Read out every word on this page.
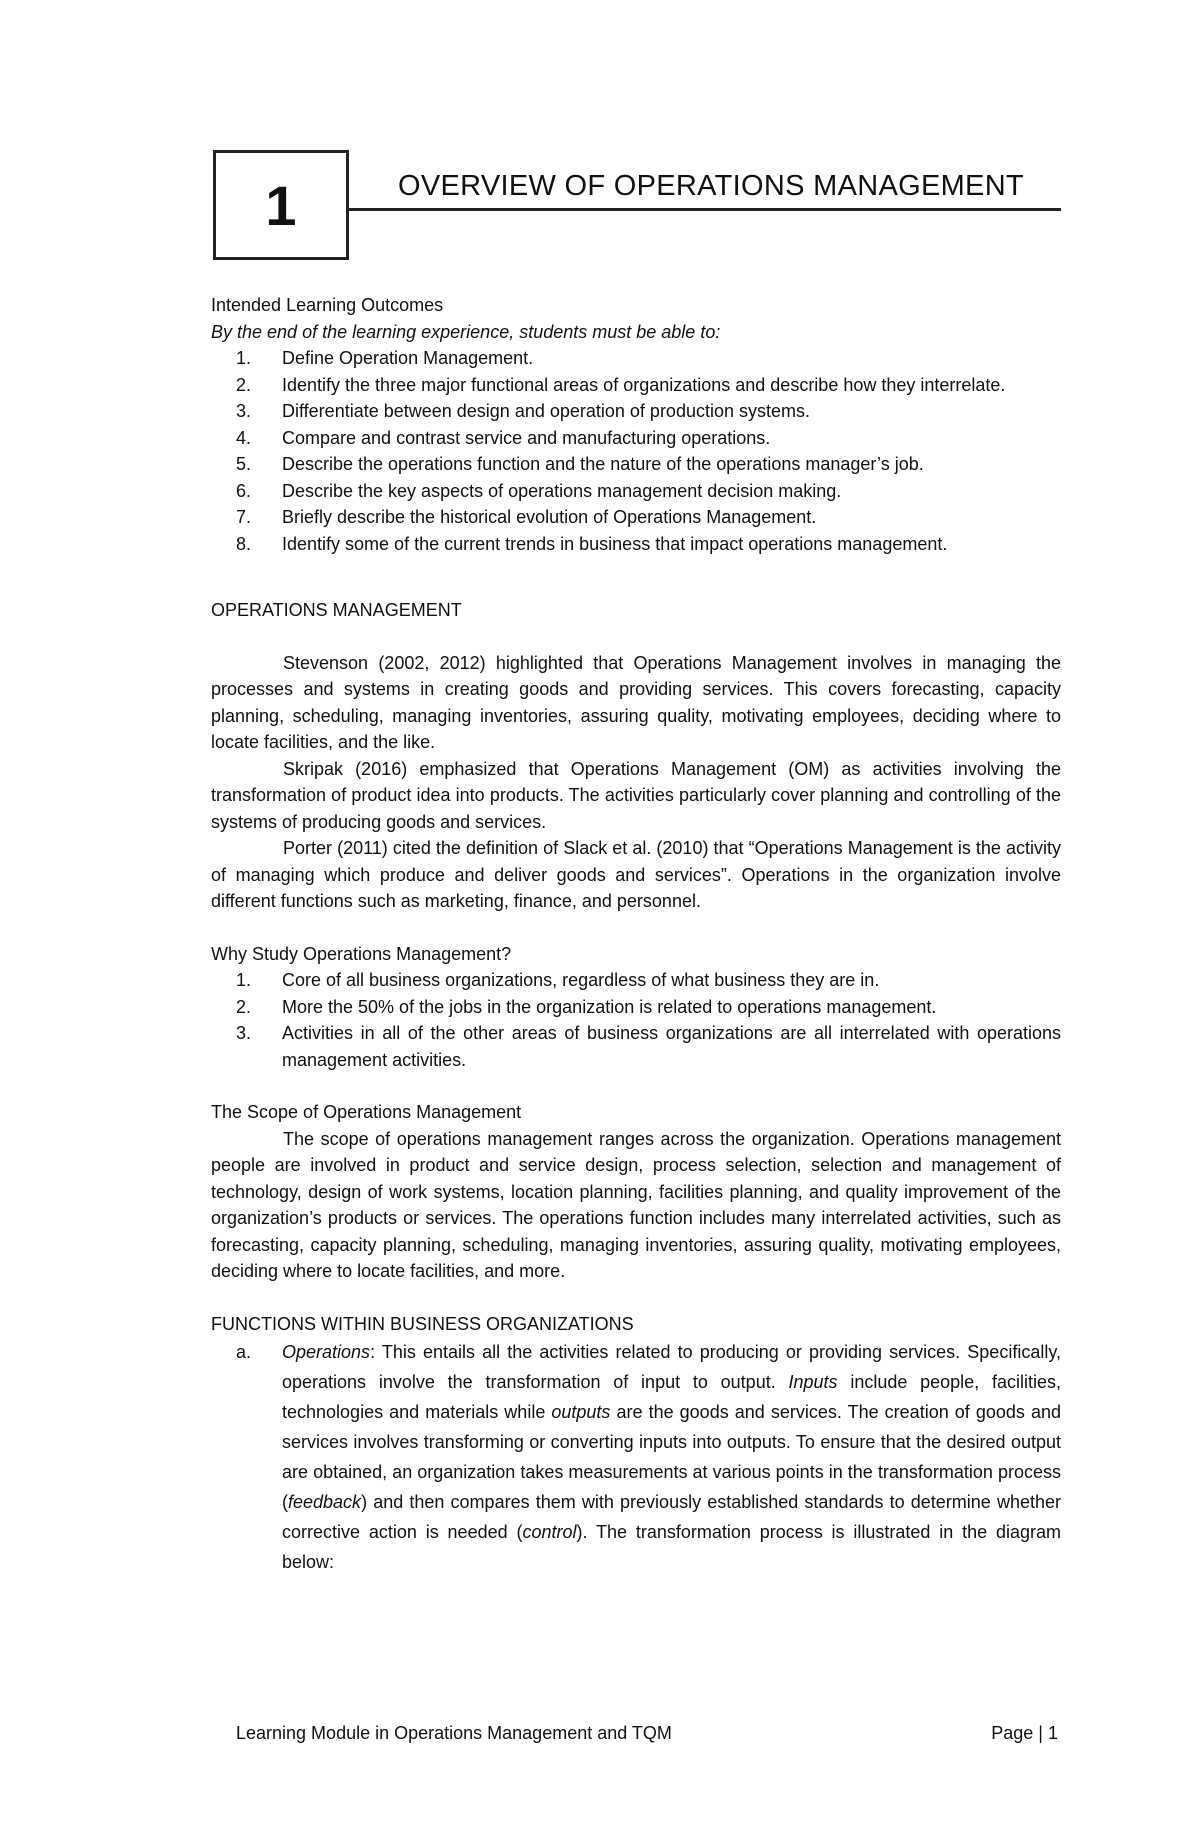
1	OVERVIEW OF OPERATIONS MANAGEMENT
Intended Learning Outcomes
By the end of the learning experience, students must be able to:
1. Define Operation Management.
2. Identify the three major functional areas of organizations and describe how they interrelate.
3. Differentiate between design and operation of production systems.
4. Compare and contrast service and manufacturing operations.
5. Describe the operations function and the nature of the operations manager’s job.
6. Describe the key aspects of operations management decision making.
7. Briefly describe the historical evolution of Operations Management.
8. Identify some of the current trends in business that impact operations management.
OPERATIONS MANAGEMENT

Stevenson (2002, 2012) highlighted that Operations Management involves in managing the processes and systems in creating goods and providing services. This covers forecasting, capacity planning, scheduling, managing inventories, assuring quality, motivating employees, deciding where to locate facilities, and the like.

Skripak (2016) emphasized that Operations Management (OM) as activities involving the transformation of product idea into products. The activities particularly cover planning and controlling of the systems of producing goods and services.

Porter (2011) cited the definition of Slack et al. (2010) that “Operations Management is the activity of managing which produce and deliver goods and services”. Operations in the organization involve different functions such as marketing, finance, and personnel.

Why Study Operations Management?
1. Core of all business organizations, regardless of what business they are in.
2. More the 50% of the jobs in the organization is related to operations management.
3. Activities in all of the other areas of business organizations are all interrelated with operations management activities.
The Scope of Operations Management

The scope of operations management ranges across the organization. Operations management people are involved in product and service design, process selection, selection and management of technology, design of work systems, location planning, facilities planning, and quality improvement of the organization’s products or services. The operations function includes many interrelated activities, such as forecasting, capacity planning, scheduling, managing inventories, assuring quality, motivating employees, deciding where to locate facilities, and more.

FUNCTIONS WITHIN BUSINESS ORGANIZATIONS
a. Operations: This entails all the activities related to producing or providing services. Specifically, operations involve the transformation of input to output. Inputs include people, facilities, technologies and materials while outputs are the goods and services. The creation of goods and services involves transforming or converting inputs into outputs. To ensure that the desired output are obtained, an organization takes measurements at various points in the transformation process (feedback) and then compares them with previously established standards to determine whether corrective action is needed (control). The transformation process is illustrated in the diagram below:
Learning Module in Operations Management and TQM	Page | 1
